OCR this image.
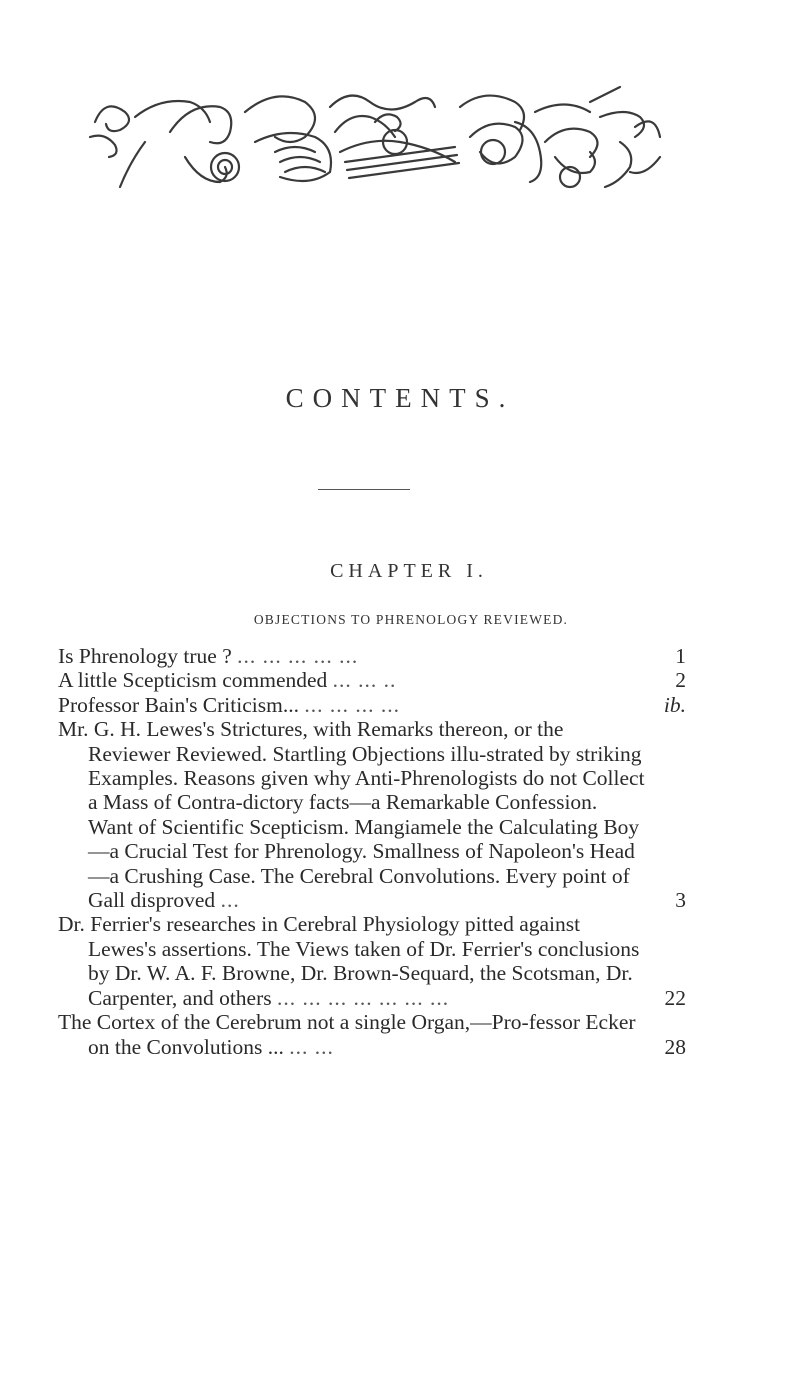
CONTENTS.
CHAPTER I.
OBJECTIONS TO PHRENOLOGY REVIEWED.
Is Phrenology true ? ... ... ... ... ...	1
A little Scepticism commended ... ... ..	2
Professor Bain's Criticism... ... ... ... ...	ib.
Mr. G. H. Lewes's Strictures, with Remarks thereon, or the Reviewer Reviewed. Startling Objections illu-strated by striking Examples. Reasons given why Anti-Phrenologists do not Collect a Mass of Contra-dictory facts—a Remarkable Confession. Want of Scientific Scepticism. Mangiamele the Calculating Boy—a Crucial Test for Phrenology. Smallness of Napoleon's Head—a Crushing Case. The Cerebral Convolutions. Every point of Gall disproved ...	3
Dr. Ferrier's researches in Cerebral Physiology pitted against Lewes's assertions. The Views taken of Dr. Ferrier's conclusions by Dr. W. A. F. Browne, Dr. Brown-Sequard, the Scotsman, Dr. Carpenter, and others ... ... ... ... ... ... ...	22
The Cortex of the Cerebrum not a single Organ,—Pro-fessor Ecker on the Convolutions ... ... ...	28
